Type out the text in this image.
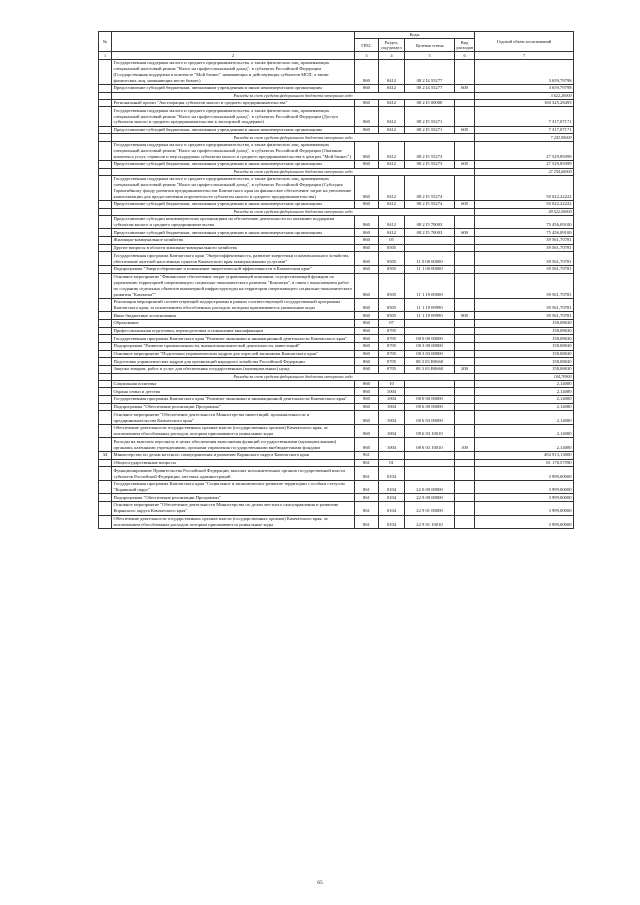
№		Коды				Годовой объем ассигнований
		ГРБС	Раздел, под-раздел	Целевая статья	Вид расходов	
1	2	3	4	5	6	7
	Государственная поддержка малого и среднего предпринимательства, а также физических лиц, применяющих специальный налоговый режим "Налог на профессиональный доход", в субъектах Российской Федерации (Государственная поддержка в контексте "Мой бизнес" начинающих и действующих субъектов МСП, а также физических лиц, начинающих вести бизнес)	860	0412	08 2 I4 55277		3 659,79798
	Предоставление субсидий бюджетным, автономным учреждениям и иным некоммерческим организациям	860	0412	08 2 I4 55277	600	3 659,79798
	Расходы за счет средств федерального бюджета отчерпано годо					3 622,20000
	Региональный проект "Акселерация субъектов малого и среднего предпринимательства"	860	0412	08 2 I5 00000		160 325,28493
	Государственная поддержка малого и среднего предпринимательства, а также физических лиц, применяющих специальный налоговый режим "Налог на профессиональный доход", в субъектах Российской Федерации (Доступ субъектов малого и среднего предпринимательства к экспортной поддержке)	860	0412	08 2 I5 55271		7 317,07171
	Предоставление субсидий бюджетным, автономным учреждениям и иным некоммерческим организациям	860	0412	08 2 I5 55271	600	7 317,07171
	Расходы за счет средств федерального бюджета отчерпано годо					7 243,90000
	Государственная поддержка малого и среднего предпринимательства, а также физических лиц, применяющих специальный налоговый режим "Налог на профессиональный доход", в субъектах Российской Федерации (Оказание комплекса услуг, сервисов и мер поддержки субъектам малого и среднего предпринимательства в центрах "Мой бизнес")	860	0412	08 2 I5 55273		27 529,89399
	Предоставление субсидий бюджетным, автономным учреждениям и иным некоммерческим организациям	860	0412	08 2 I5 55273	600	27 529,89399
	Расходы за счет средств федерального бюджета отчерпано годо					27 254,60000
	Государственная поддержка малого и среднего предпринимательства, а также физических лиц, применяющих специальный налоговый режим "Налог на профессиональный доход", в субъектах Российской Федерации (Субсидия Гарантийному фонду развития предпринимательства Камчатского края на финансовое обеспечение затрат на увеличение капитализации для предоставления поручительств субъектам малого и среднего предпринимательства)	860	0412	08 2 I5 55274		50 022,22222
	Предоставление субсидий бюджетным, автономным учреждениям и иным некоммерческим организациям	860	0412	08 2 I5 55274	600	50 022,22222
	Расходы за счет средств федерального бюджета отчерпано годо					49 522,00000
	Предоставление субсидии некоммерческим организациям на обеспечение деятельности по оказанию поддержки субъектам малого и среднего предпринимательства	860	0412	08 2 I5 70003		75 456,09100
	Предоставление субсидий бюджетным, автономным учреждениям и иным некоммерческим организациям	860	0412	08 2 I5 70003	600	75 456,09100
	Жилищно-коммунальное хозяйство	860	05			39 561,70781
	Другие вопросы в области жилищно-коммунального хозяйства	860	0505			39 561,70781
	Государственная программа Камчатского края "Энергоэффективность, развитие энергетики и коммунального хозяйства, обеспечение жителей населенных пунктов Камчатского края коммунальными услугами"	860	0505	11 0 00 00000		39 561,70781
	Подпрограмма "Энергосбережение и повышение энергетической эффективности в Камчатском крае"	860	0505	11 1 00 00000		39 561,70781
	Основное мероприятие "Финансовое обеспечение затрат управляющей компании, осуществляющей функции по управлению территорией опережающего социально-экономического развития "Камчатка", в связи с выполнением работ по созданию отдельных объектов инженерной инфраструктуры на территории опережающего социально-экономического развития "Камчатка""	860	0505	11 1 19 00000		39 561,70781
	Реализация мероприятий соответствующей подпрограммы в рамках соответствующей государственной программы Камчатского края, за исключением обособленных расходов, которым присваиваются уникальные коды	860	0505	11 1 19 09990		39 561,70781
	Иные бюджетные ассигнования	860	0505	11 1 19 09990	800	39 561,70781
	Образование	860	07			158,08630
	Профессиональная подготовка, переподготовка и повышение квалификации	860	0705			158,08630
	Государственная программа Камчатского края "Развитие экономики и инновационной деятельности Камчатского края"	860	0705	08 0 00 00000		158,08630
	Подпрограмма "Развитие промышленности, внешнеэкономической деятельности, инвестиций"	860	0705	08 3 00 00000		158,08630
	Основное мероприятие "Подготовка управленческих кадров для отраслей экономики Камчатского края"	860	0705	08 3 03 00000		158,08630
	Подготовка управленческих кадров для организаций народного хозяйства Российской Федерации	860	0705	08 3 03 R0660		158,08630
	Закупка товаров, работ и услуг для обеспечения государственных (муниципальных) нужд	860	0705	08 3 03 R0660	200	158,08630
	Расходы за счет средств федерального бюджета отчерпано годо					104,70900
	Социальная политика	860	10			2,14000
	Охрана семьи и детства	860	1004			2,14000
	Государственная программа Камчатского края "Развитие экономики и инновационной деятельности Камчатского края"	860	1004	08 0 00 00000		2,14000
	Подпрограмма "Обеспечение реализации Программы"	860	1004	08 6 00 00000		2,14000
	Основное мероприятие "Обеспечение деятельности Министерства инвестиций, промышленности и предпринимательства Камчатского края"	860	1004	08 6 03 00000		2,14000
	Обеспечение деятельности государственных органов власти (государственных органов) Камчатского края, за исключением обособленных расходов, которым присваиваются уникальные коды	860	1004	08 6 03 10010		2,14000
	Расходы на выплаты персоналу в целях обеспечения выполнения функций государственными (муниципальными) органами, казенными учреждениями, органами управления государственными внебюджетными фондами	860	1004	08 6 03 10010	100	2,14000
34	Министерство по делам местного самоуправления и развитию Корякского округа Камчатского края	861				492 913,13000
	Общегосударственные вопросы	861	01			81 178,57590
	Функционирование Правительства Российской Федерации, высших исполнительных органов государственной власти субъектов Российской Федерации, местных администраций	861	0104			3 999,00000
	Государственная программа Камчатского края "Социальное и экономическое развитие территории с особым статусом "Корякский округ"	861	0104	22 0 00 00000		3 999,00000
	Подпрограмма "Обеспечение реализации Программы"	861	0104	22 9 00 00000		3 999,00000
	Основное мероприятие "Обеспечение деятельности Министерства по делам местного самоуправления и развитию Корякского округа Камчатского края"	861	0104	22 9 01 00000		3 999,00000
	Обеспечение деятельности государственных органов власти (государственных органов) Камчатского края, за исключением обособленных расходов, которым присваиваются уникальные коды	861	0104	22 9 01 10010		3 999,00000
65
